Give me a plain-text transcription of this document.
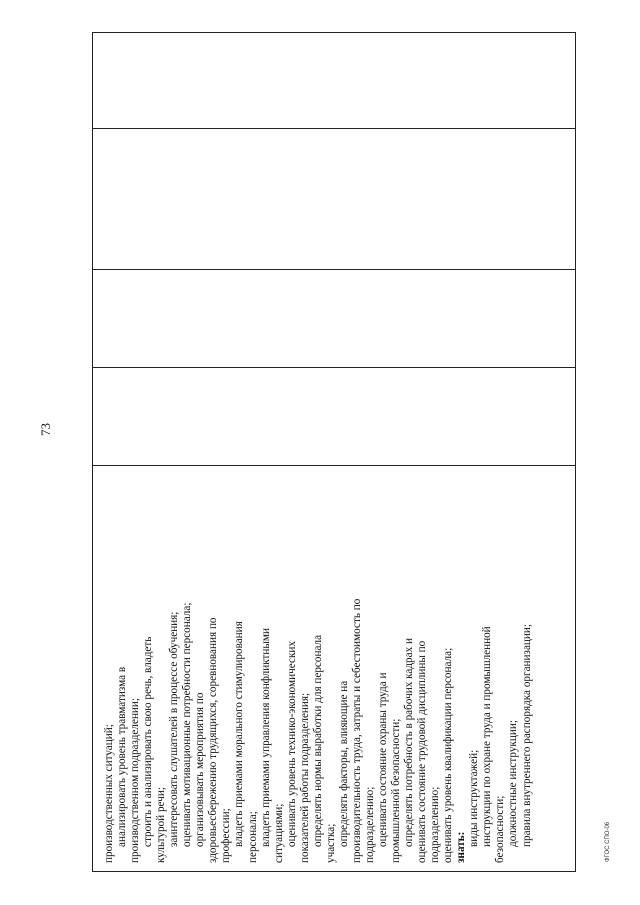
73
производственных ситуаций; анализировать уровень травматизма в производственном подразделении; строить и анализировать свою речь, владеть культурой речи; заинтересовать слушателей в процессе обучения; оценивать мотивационные потребности персонала; организовывать мероприятия по здоровьесбережению трудящихся, соревнования по профессии; владеть приемами морального стимулирования персонала; владеть приемами управления конфликтными ситуациями; оценивать уровень технико-экономических показателей работы подразделения; определять нормы выработки для персонала участка; определять факторы, влияющие на производительность труда, затраты и себестоимость по подразделению; оценивать состояние охраны труда и промышленной безопасности; определять потребность в рабочих кадрах и оценивать состояние трудовой дисциплины по подразделению; оценивать уровень квалификации персонала; знать:
виды инструктажей; инструкции по охране труда и промышленной безопасности; должностные инструкции; правила внутреннего распорядка организации;	ФГОС СПО-06
